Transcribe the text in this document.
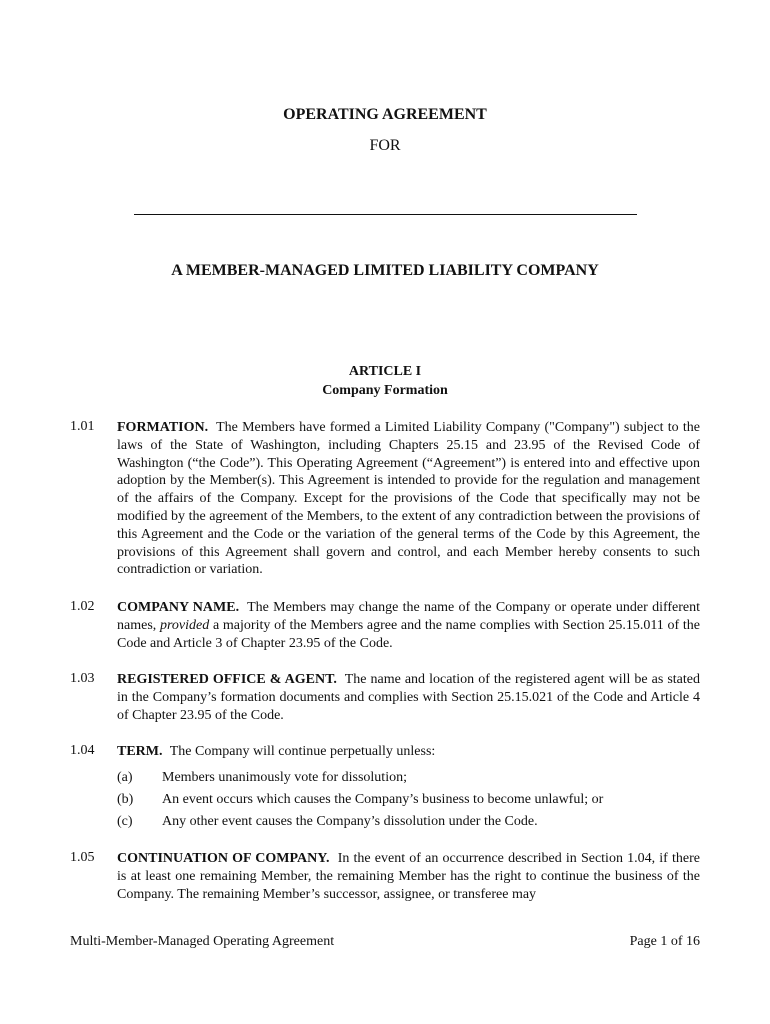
OPERATING AGREEMENT
FOR
A MEMBER-MANAGED LIMITED LIABILITY COMPANY
ARTICLE I
Company Formation
1.01 FORMATION. The Members have formed a Limited Liability Company ("Company") subject to the laws of the State of Washington, including Chapters 25.15 and 23.95 of the Revised Code of Washington (“the Code”). This Operating Agreement (“Agreement”) is entered into and effective upon adoption by the Member(s). This Agreement is intended to provide for the regulation and management of the affairs of the Company. Except for the provisions of the Code that specifically may not be modified by the agreement of the Members, to the extent of any contradiction between the provisions of this Agreement and the Code or the variation of the general terms of the Code by this Agreement, the provisions of this Agreement shall govern and control, and each Member hereby consents to such contradiction or variation.
1.02 COMPANY NAME. The Members may change the name of the Company or operate under different names, provided a majority of the Members agree and the name complies with Section 25.15.011 of the Code and Article 3 of Chapter 23.95 of the Code.
1.03 REGISTERED OFFICE & AGENT. The name and location of the registered agent will be as stated in the Company’s formation documents and complies with Section 25.15.021 of the Code and Article 4 of Chapter 23.95 of the Code.
1.04 TERM. The Company will continue perpetually unless:
(a) Members unanimously vote for dissolution;
(b) An event occurs which causes the Company’s business to become unlawful; or
(c) Any other event causes the Company’s dissolution under the Code.
1.05 CONTINUATION OF COMPANY. In the event of an occurrence described in Section 1.04, if there is at least one remaining Member, the remaining Member has the right to continue the business of the Company. The remaining Member’s successor, assignee, or transferee may
Multi-Member-Managed Operating Agreement	Page 1 of 16
